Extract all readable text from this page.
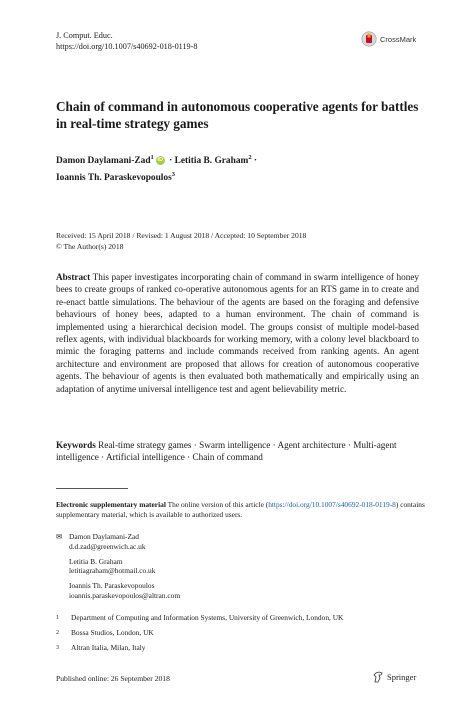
J. Comput. Educ.
https://doi.org/10.1007/s40692-018-0119-8
CrossMark
Chain of command in autonomous cooperative agents for battles in real-time strategy games
Damon Daylamani-Zad$^1$ iD · Letitia B. Graham$^2$ ·
Ioannis Th. Paraskevopoulos$^3$
Received: 15 April 2018 / Revised: 1 August 2018 / Accepted: 10 September 2018
© The Author(s) 2018
Abstract This paper investigates incorporating chain of command in swarm intelligence of honey bees to create groups of ranked co-operative autonomous agents for an RTS game in to create and re-enact battle simulations. The behaviour of the agents are based on the foraging and defensive behaviours of honey bees, adapted to a human environment. The chain of command is implemented using a hierarchical decision model. The groups consist of multiple model-based reflex agents, with individual blackboards for working memory, with a colony level blackboard to mimic the foraging patterns and include commands received from ranking agents. An agent architecture and environment are proposed that allows for creation of autonomous cooperative agents. The behaviour of agents is then evaluated both mathematically and empirically using an adaptation of anytime universal intelligence test and agent believability metric.
Keywords Real-time strategy games · Swarm intelligence · Agent architecture · Multi-agent intelligence · Artificial intelligence · Chain of command
Electronic supplementary material The online version of this article (https://doi.org/10.1007/s40692-018-0119-8) contains supplementary material, which is available to authorized users.
✉ Damon Daylamani-Zad
d.d.zad@greenwich.ac.uk
Letitia B. Graham
letitiagraham@hotmail.co.uk
Ioannis Th. Paraskevopoulos
ioannis.paraskevopoulos@altran.com
1 Department of Computing and Information Systems, University of Greenwich, London, UK
2 Bossa Studios, London, UK
3 Altran Italia, Milan, Italy
Published online: 26 September 2018	Springer
